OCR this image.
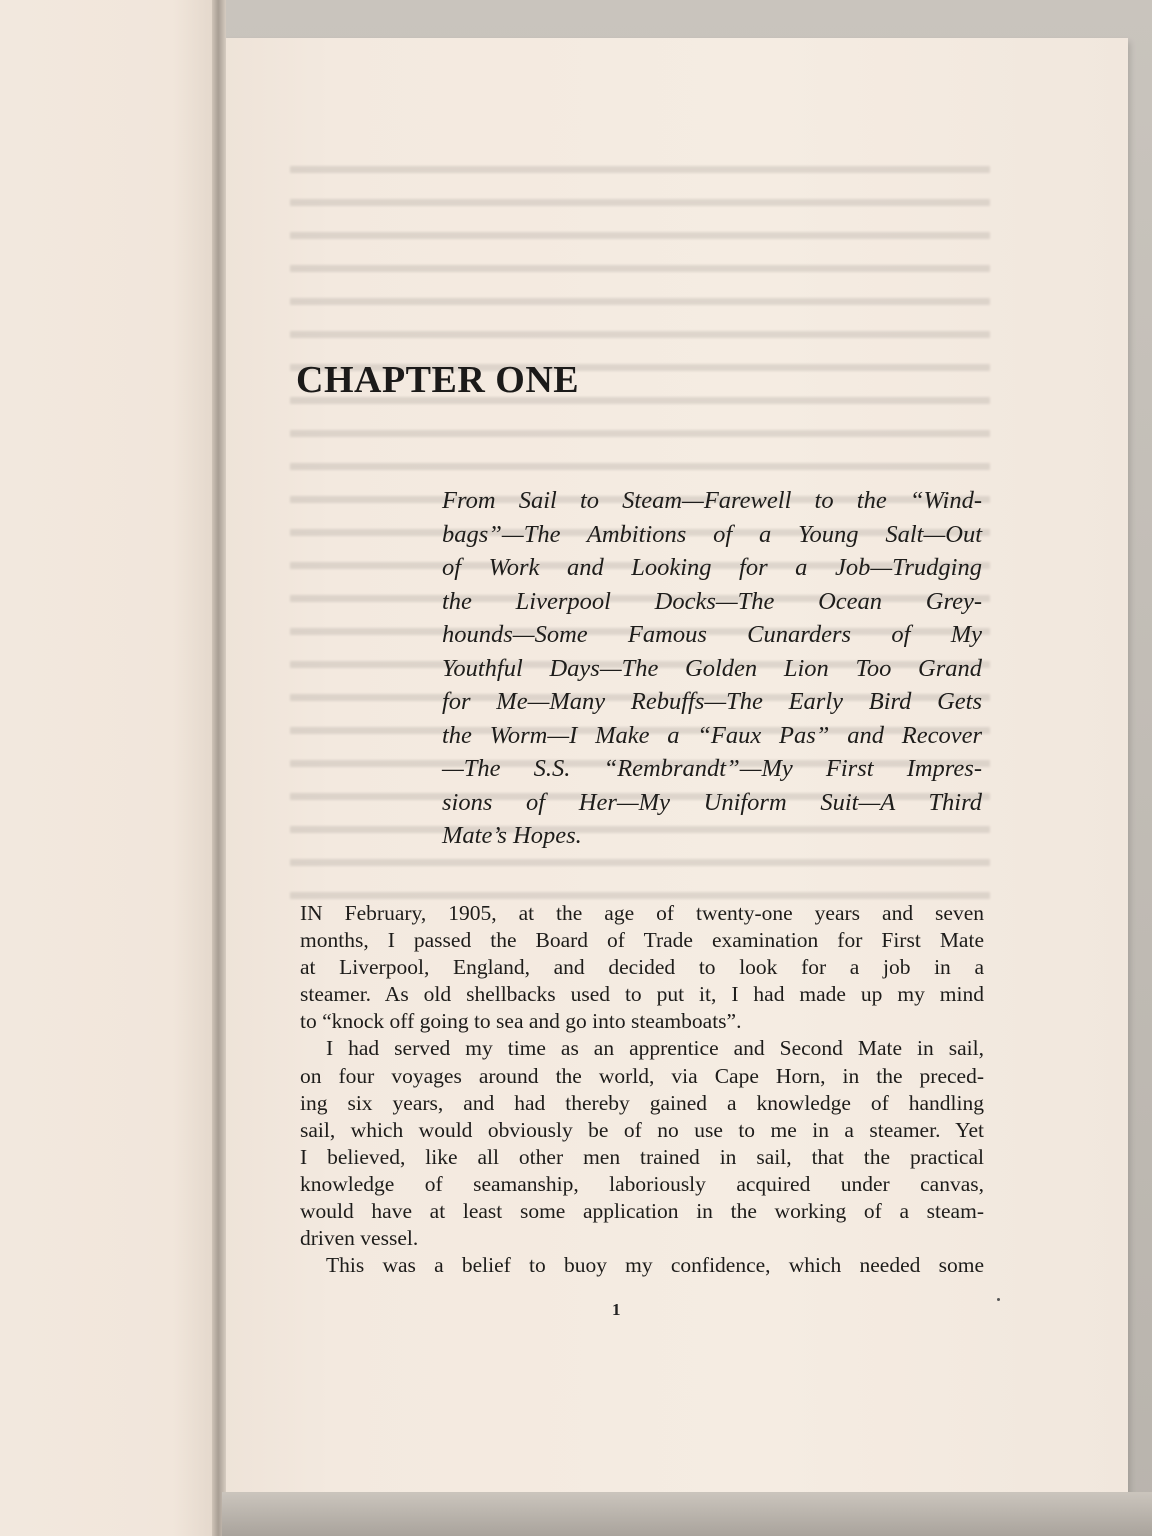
CHAPTER ONE
From Sail to Steam—Farewell to the “Wind-
bags”—The Ambitions of a Young Salt—Out
of Work and Looking for a Job—Trudging
the Liverpool Docks—The Ocean Grey-
hounds—Some Famous Cunarders of My
Youthful Days—The Golden Lion Too Grand
for Me—Many Rebuffs—The Early Bird Gets
the Worm—I Make a “Faux Pas” and Recover
—The S.S. “Rembrandt”—My First Impres-
sions of Her—My Uniform Suit—A Third
Mate’s Hopes.
IN February, 1905, at the age of twenty-one years and seven
months, I passed the Board of Trade examination for First Mate
at Liverpool, England, and decided to look for a job in a
steamer. As old shellbacks used to put it, I had made up my mind
to “knock off going to sea and go into steamboats”.
I had served my time as an apprentice and Second Mate in sail,
on four voyages around the world, via Cape Horn, in the preced-
ing six years, and had thereby gained a knowledge of handling
sail, which would obviously be of no use to me in a steamer. Yet
I believed, like all other men trained in sail, that the practical
knowledge of seamanship, laboriously acquired under canvas,
would have at least some application in the working of a steam-
driven vessel.
This was a belief to buoy my confidence, which needed some
1
